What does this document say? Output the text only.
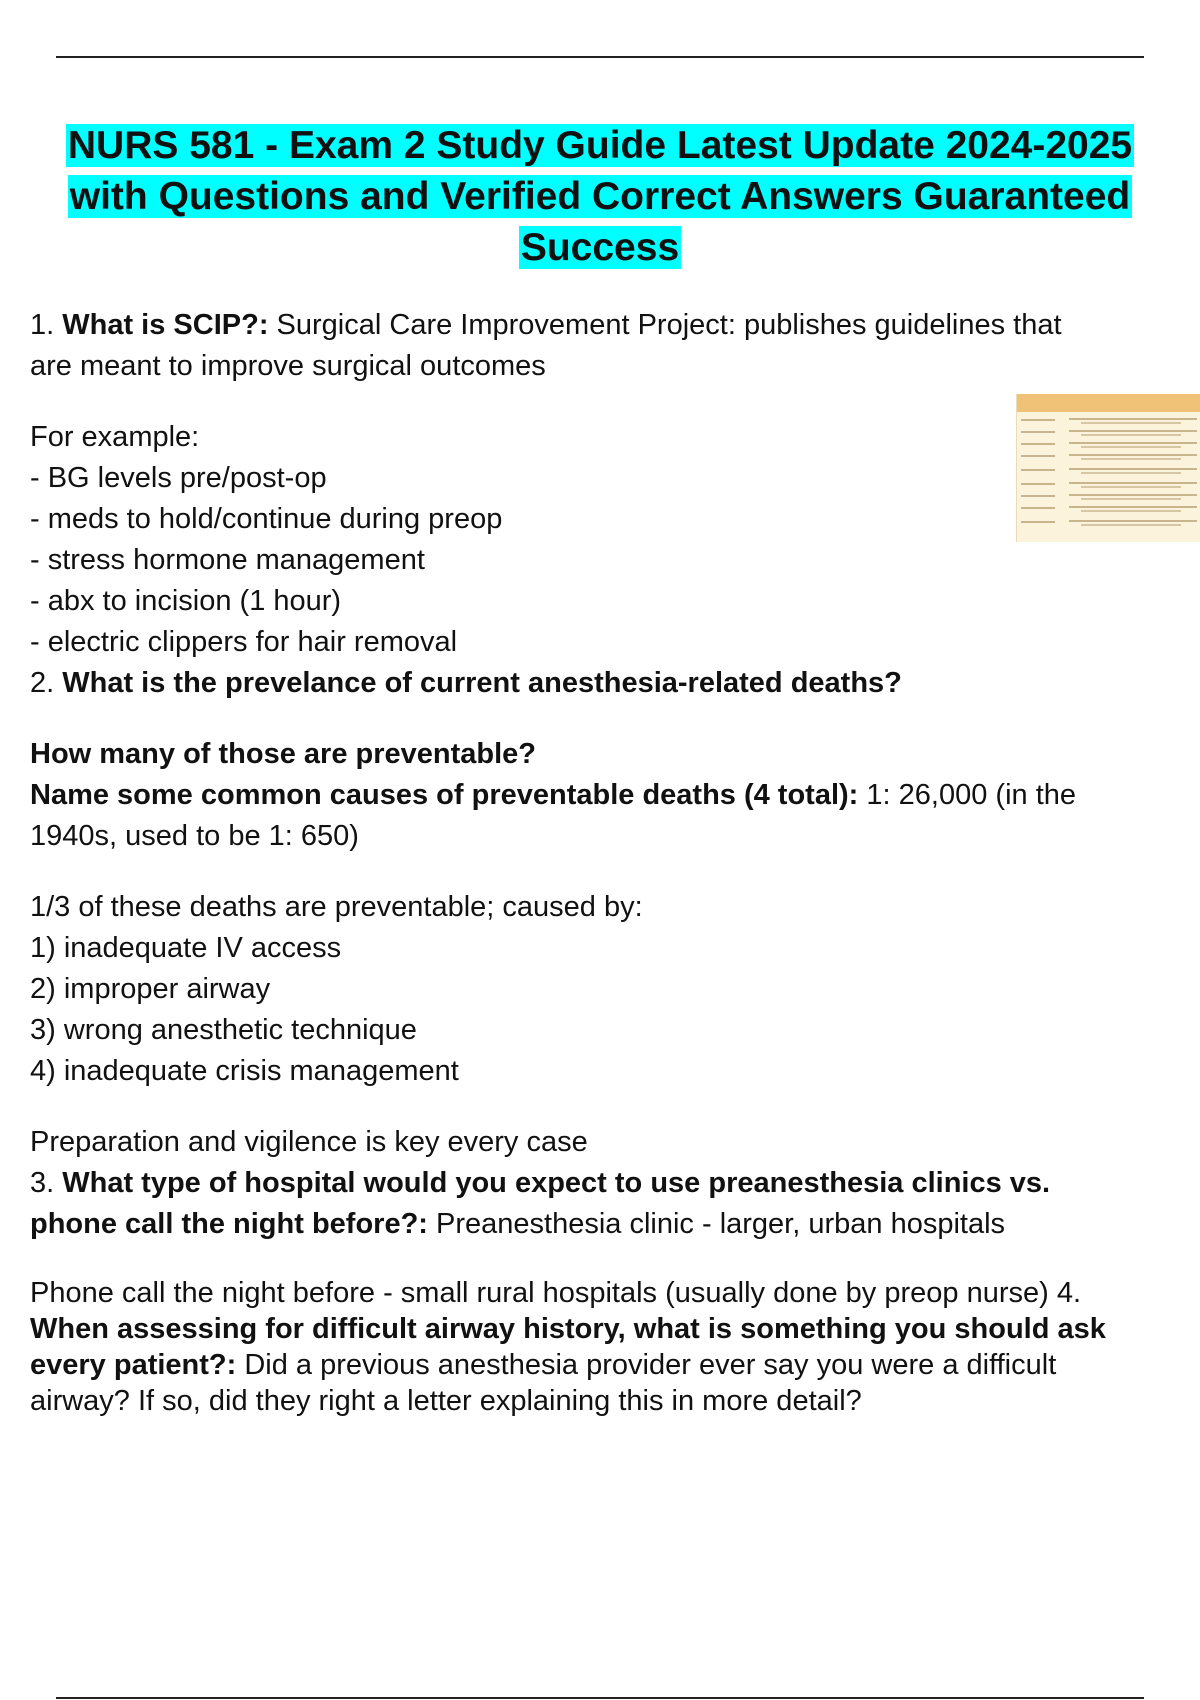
NURS 581 - Exam 2 Study Guide Latest Update 2024-2025
with Questions and Verified Correct Answers Guaranteed
Success

1. What is SCIP?: Surgical Care Improvement Project: publishes guidelines that

are meant to improve surgical outcomes

For example:

- BG levels pre/post-op

- meds to hold/continue during preop

- stress hormone management

- abx to incision (1 hour)

- electric clippers for hair removal

2. What is the prevelance of current anesthesia-related deaths?

How many of those are preventable?

Name some common causes of preventable deaths (4 total): 1: 26,000 (in the

1940s, used to be 1: 650)

1/3 of these deaths are preventable; caused by:

1) inadequate IV access

2) improper airway

3) wrong anesthetic technique

4) inadequate crisis management

Preparation and vigilence is key every case

3. What type of hospital would you expect to use preanesthesia clinics vs.

phone call the night before?: Preanesthesia clinic - larger, urban hospitals

Phone call the night before - small rural hospitals (usually done by preop nurse) 4.

When assessing for difficult airway history, what is something you should ask

every patient?: Did a previous anesthesia provider ever say you were a difficult

airway? If so, did they right a letter explaining this in more detail?
